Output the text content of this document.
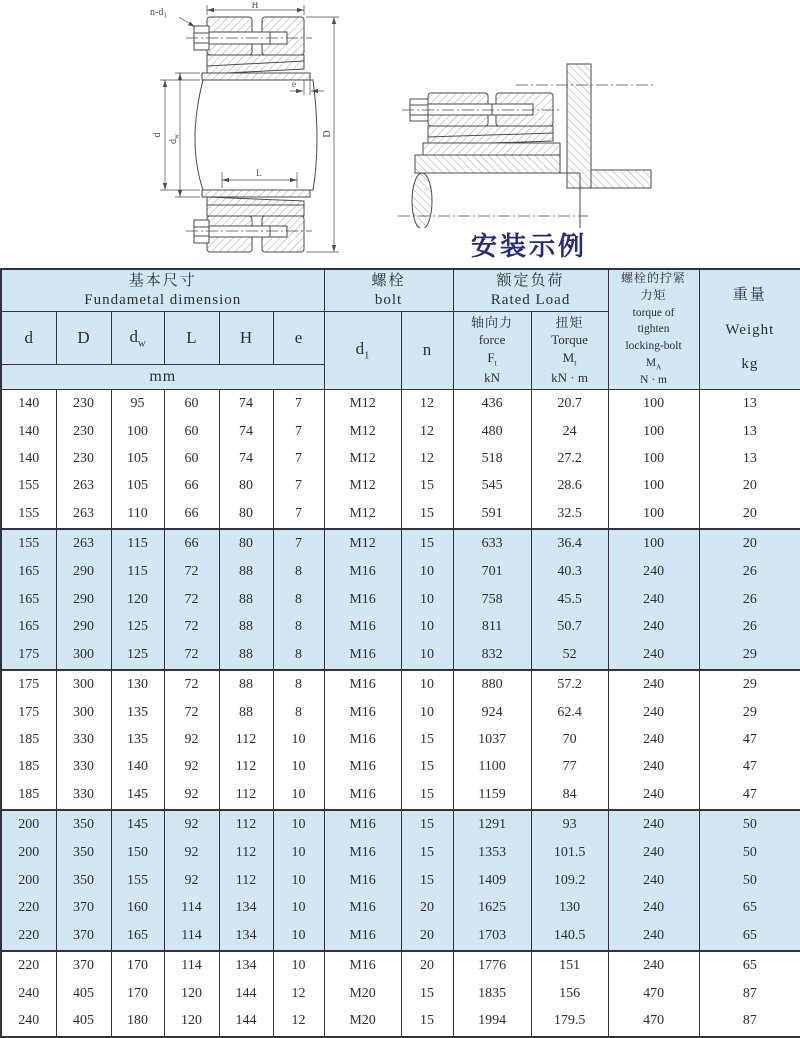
H
$n-d_1$
e
d
$d_w$	D
L
安装示例
基本尺寸
Fundametal dimension

螺栓
bolt

额定负荷
Rated Load

螺栓的拧紧
力矩
torque of
tighten
locking-bolt
$M_A$
N · m

重量
Weight
kg

d	D	$d_w$	L	H	e	$d_1$	n	
轴向力
force
$F_t$
kN

扭矩
Torque
$M_t$
kN · m

mm											
140	230	95	60	74	7	M12	12	436	20.7	100	13
140	230	100	60	74	7	M12	12	480	24	100	13
140	230	105	60	74	7	M12	12	518	27.2	100	13
155	263	105	66	80	7	M12	15	545	28.6	100	20
155	263	110	66	80	7	M12	15	591	32.5	100	20
155	263	115	66	80	7	M12	15	633	36.4	100	20
165	290	115	72	88	8	M16	10	701	40.3	240	26
165	290	120	72	88	8	M16	10	758	45.5	240	26
165	290	125	72	88	8	M16	10	811	50.7	240	26
175	300	125	72	88	8	M16	10	832	52	240	29
175	300	130	72	88	8	M16	10	880	57.2	240	29
175	300	135	72	88	8	M16	10	924	62.4	240	29
185	330	135	92	112	10	M16	15	1037	70	240	47
185	330	140	92	112	10	M16	15	1100	77	240	47
185	330	145	92	112	10	M16	15	1159	84	240	47
200	350	145	92	112	10	M16	15	1291	93	240	50
200	350	150	92	112	10	M16	15	1353	101.5	240	50
200	350	155	92	112	10	M16	15	1409	109.2	240	50
220	370	160	114	134	10	M16	20	1625	130	240	65
220	370	165	114	134	10	M16	20	1703	140.5	240	65
220	370	170	114	134	10	M16	20	1776	151	240	65
240	405	170	120	144	12	M20	15	1835	156	470	87
240	405	180	120	144	12	M20	15	1994	179.5	470	87
